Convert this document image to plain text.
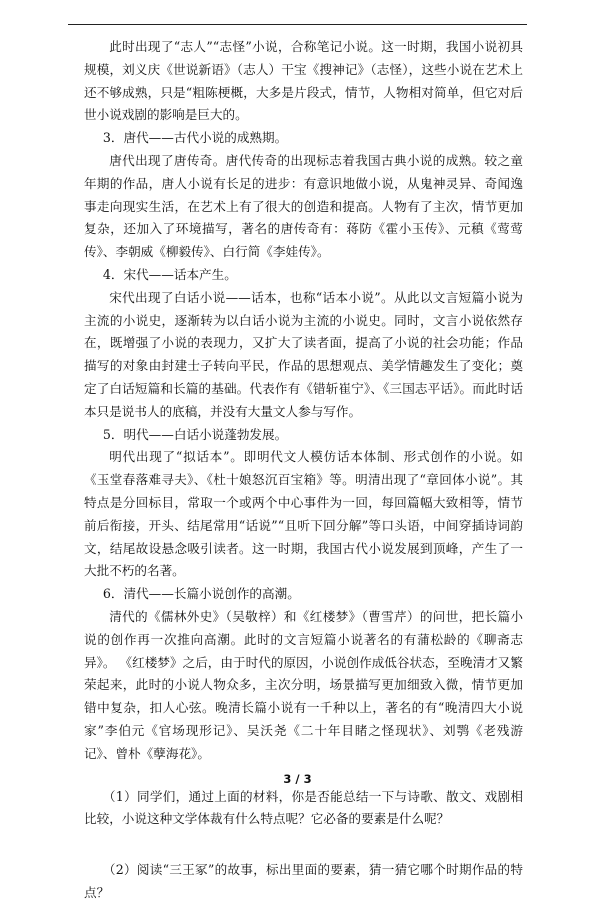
此时出现了“志人”“志怪”小说，合称笔记小说。这一时期，我国小说初具规模，刘义庆《世说新语》（志人）干宝《搜神记》（志怪），这些小说在艺术上还不够成熟，只是“粗陈梗概，大多是片段式，情节，人物相对简单，但它对后世小说戏剧的影响是巨大的。

3．唐代——古代小说的成熟期。

唐代出现了唐传奇。唐代传奇的出现标志着我国古典小说的成熟。较之童年期的作品，唐人小说有长足的进步：有意识地做小说，从鬼神灵异、奇闻逸事走向现实生活，在艺术上有了很大的创造和提高。人物有了主次，情节更加复杂，还加入了环境描写，著名的唐传奇有：蒋防《霍小玉传》、元稹《莺莺传》、李朝威《柳毅传》、白行简《李娃传》。

4．宋代——话本产生。

宋代出现了白话小说——话本，也称“话本小说”。从此以文言短篇小说为主流的小说史，逐渐转为以白话小说为主流的小说史。同时，文言小说依然存在，既增强了小说的表现力，又扩大了读者面，提高了小说的社会功能；作品描写的对象由封建士子转向平民，作品的思想观点、美学情趣发生了变化；奠定了白话短篇和长篇的基础。代表作有《错斩崔宁》、《三国志平话》。而此时话本只是说书人的底稿，并没有大量文人参与写作。

5．明代——白话小说蓬勃发展。

明代出现了“拟话本”。即明代文人模仿话本体制、形式创作的小说。如《玉堂春落难寻夫》、《杜十娘怒沉百宝箱》等。明清出现了“章回体小说”。其特点是分回标目，常取一个或两个中心事件为一回，每回篇幅大致相等，情节前后衔接，开头、结尾常用“话说”“且听下回分解”等口头语，中间穿插诗词韵文，结尾故设悬念吸引读者。这一时期，我国古代小说发展到顶峰，产生了一大批不朽的名著。

6．清代——长篇小说创作的高潮。

清代的《儒林外史》（吴敬梓）和《红楼梦》（曹雪芹）的问世，把长篇小说的创作再一次推向高潮。此时的文言短篇小说著名的有蒲松龄的《聊斋志异》。 《红楼梦》之后，由于时代的原因，小说创作成低谷状态，至晚清才又繁荣起来，此时的小说人物众多，主次分明，场景描写更加细致入微，情节更加错中复杂，扣人心弦。晚清长篇小说有一千种以上，著名的有“晚清四大小说家”李伯元《官场现形记》、吴沃尧《二十年目睹之怪现状》、刘鹗《老残游记》、曾朴《孽海花》。

（1）同学们，通过上面的材料，你是否能总结一下与诗歌、散文、戏剧相比较，小说这种文学体裁有什么特点呢？它必备的要素是什么呢？

（2）阅读“三王冢”的故事，标出里面的要素，猜一猜它哪个时期作品的特点？

3 / 3
